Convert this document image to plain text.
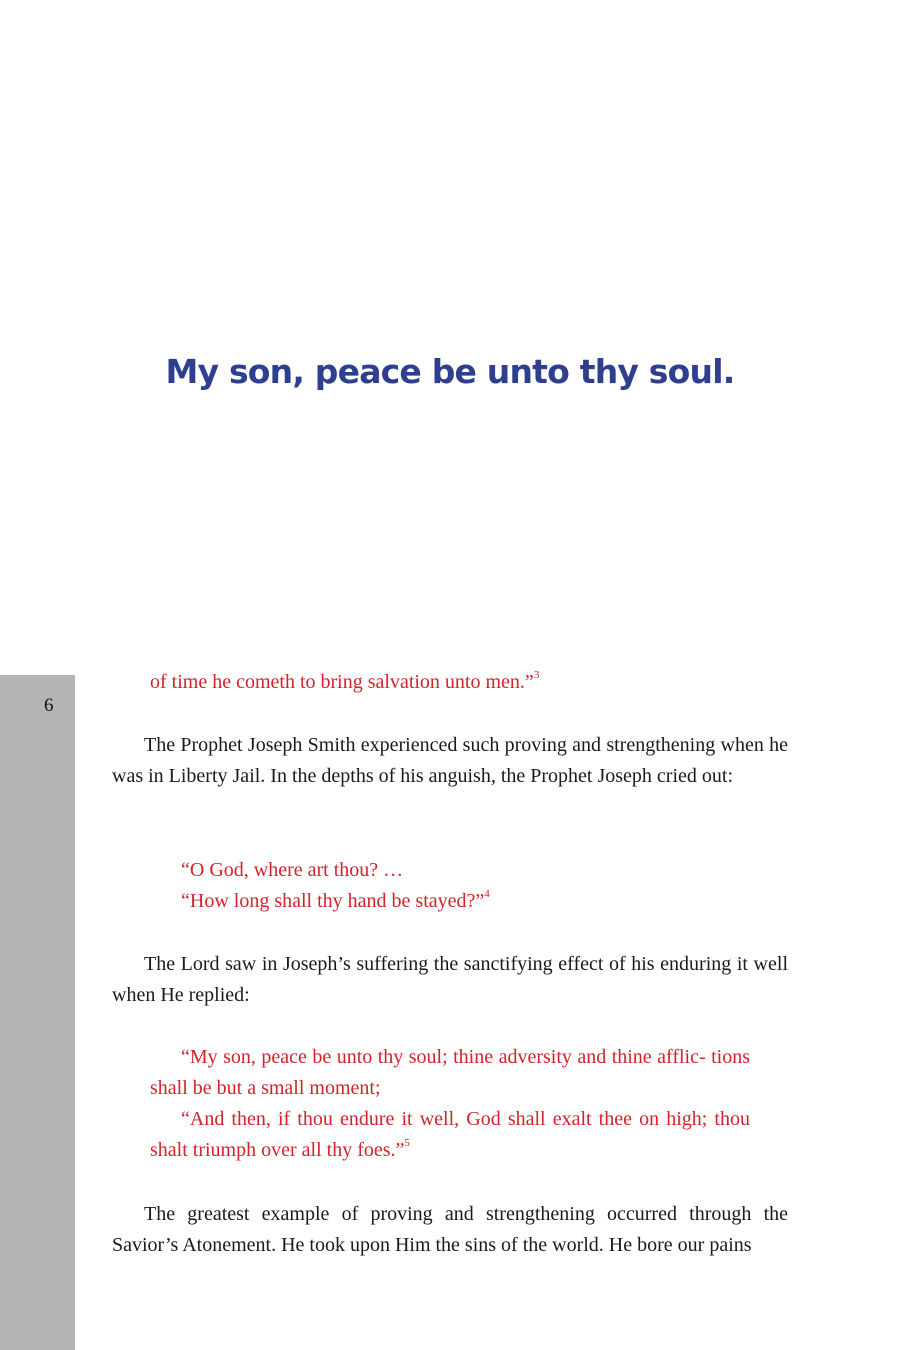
My son, peace be unto thy soul.
6

of time he cometh to bring salvation unto men.”$^3$

The Prophet Joseph Smith experienced such proving and strengthening when he was in Liberty Jail. In the depths of his anguish, the Prophet Joseph cried out:

“O God, where art thou? …
“How long shall thy hand be stayed?”$^4$

The Lord saw in Joseph’s suffering the sanctifying effect of his enduring it well when He replied:

“My son, peace be unto thy soul; thine adversity and thine afflic- tions shall be but a small moment;
“And then, if thou endure it well, God shall exalt thee on high; thou shalt triumph over all thy foes.”$^5$

The greatest example of proving and strengthening occurred through the Savior’s Atonement. He took upon Him the sins of the world. He bore our pains
